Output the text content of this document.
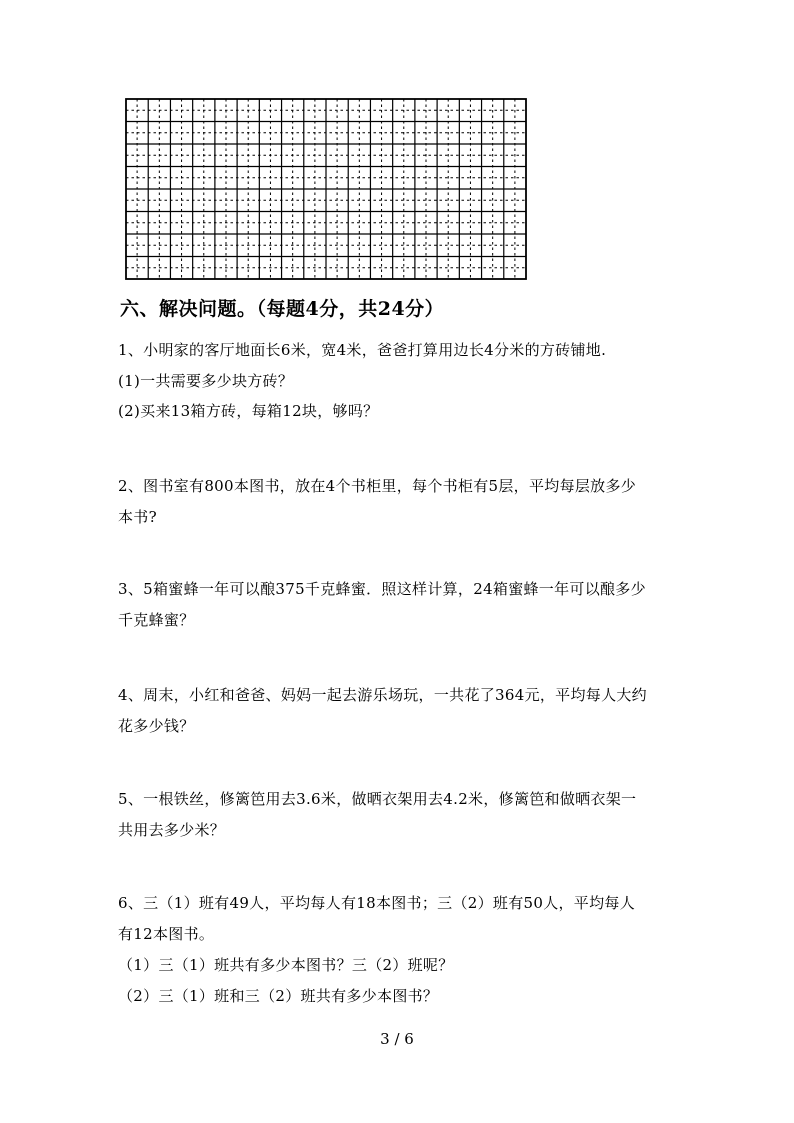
六、解决问题。（每题4分，共24分）
1、小明家的客厅地面长6米，宽4米，爸爸打算用边长4分米的方砖铺地.
(1)一共需要多少块方砖？
(2)买来13箱方砖，每箱12块，够吗？
2、图书室有800本图书，放在4个书柜里，每个书柜有5层，平均每层放多少
本书?
3、5箱蜜蜂一年可以酿375千克蜂蜜．照这样计算，24箱蜜蜂一年可以酿多少
千克蜂蜜？
4、周末，小红和爸爸、妈妈一起去游乐场玩，一共花了364元，平均每人大约
花多少钱？
5、一根铁丝，修篱笆用去3.6米，做晒衣架用去4.2米，修篱笆和做晒衣架一
共用去多少米？
6、三（1）班有49人，平均每人有18本图书；三（2）班有50人，平均每人
有12本图书。
（1）三（1）班共有多少本图书？三（2）班呢？
（2）三（1）班和三（2）班共有多少本图书？
3 / 6
